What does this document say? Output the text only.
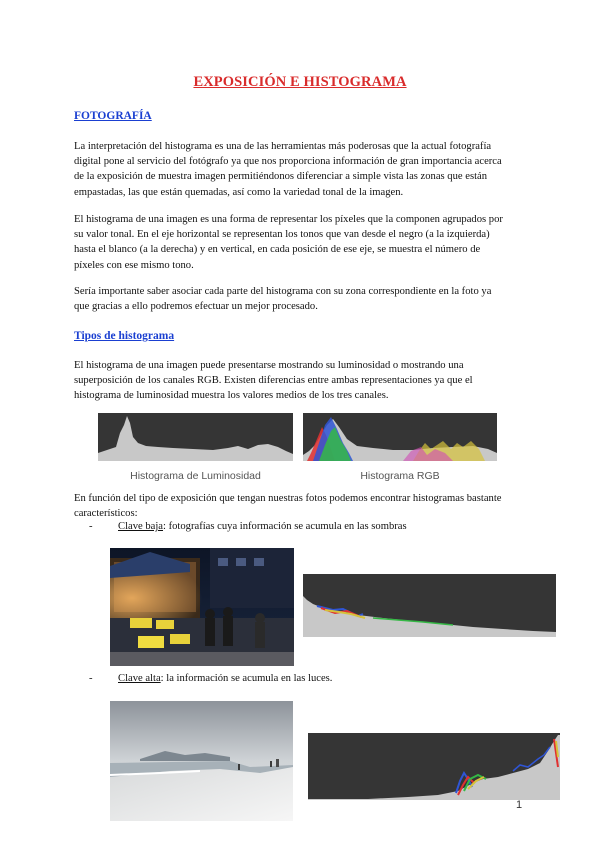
EXPOSICIÓN E HISTOGRAMA
FOTOGRAFÍA
La interpretación del histograma es una de las herramientas más poderosas que la actual fotografía
digital pone al servicio del fotógrafo ya que nos proporciona información de gran importancia acerca
de la exposición de muestra imagen permitiéndonos diferenciar a simple vista las zonas que están
empastadas, las que están quemadas, así como la variedad tonal de la imagen.
El histograma de una imagen es una forma de representar los píxeles que la componen agrupados por
su valor tonal. En el eje horizontal se representan los tonos que van desde el negro (a la izquierda)
hasta el blanco (a la derecha) y en vertical, en cada posición de ese eje, se muestra el número de
píxeles con ese mismo tono.
Sería importante saber asociar cada parte del histograma con su zona correspondiente en la foto ya
que gracias a ello podremos efectuar un mejor procesado.
Tipos de histograma
El histograma de una imagen puede presentarse mostrando su luminosidad o mostrando una
superposición de los canales RGB. Existen diferencias entre ambas representaciones ya que el
histograma de luminosidad muestra los valores medios de los tres canales.
Histograma de Luminosidad	Histograma RGB
En función del tipo de exposición que tengan nuestras fotos podemos encontrar histogramas bastante
característicos:
- Clave baja: fotografías cuya información se acumula en las sombras
- Clave alta: la información se acumula en las luces.
1
